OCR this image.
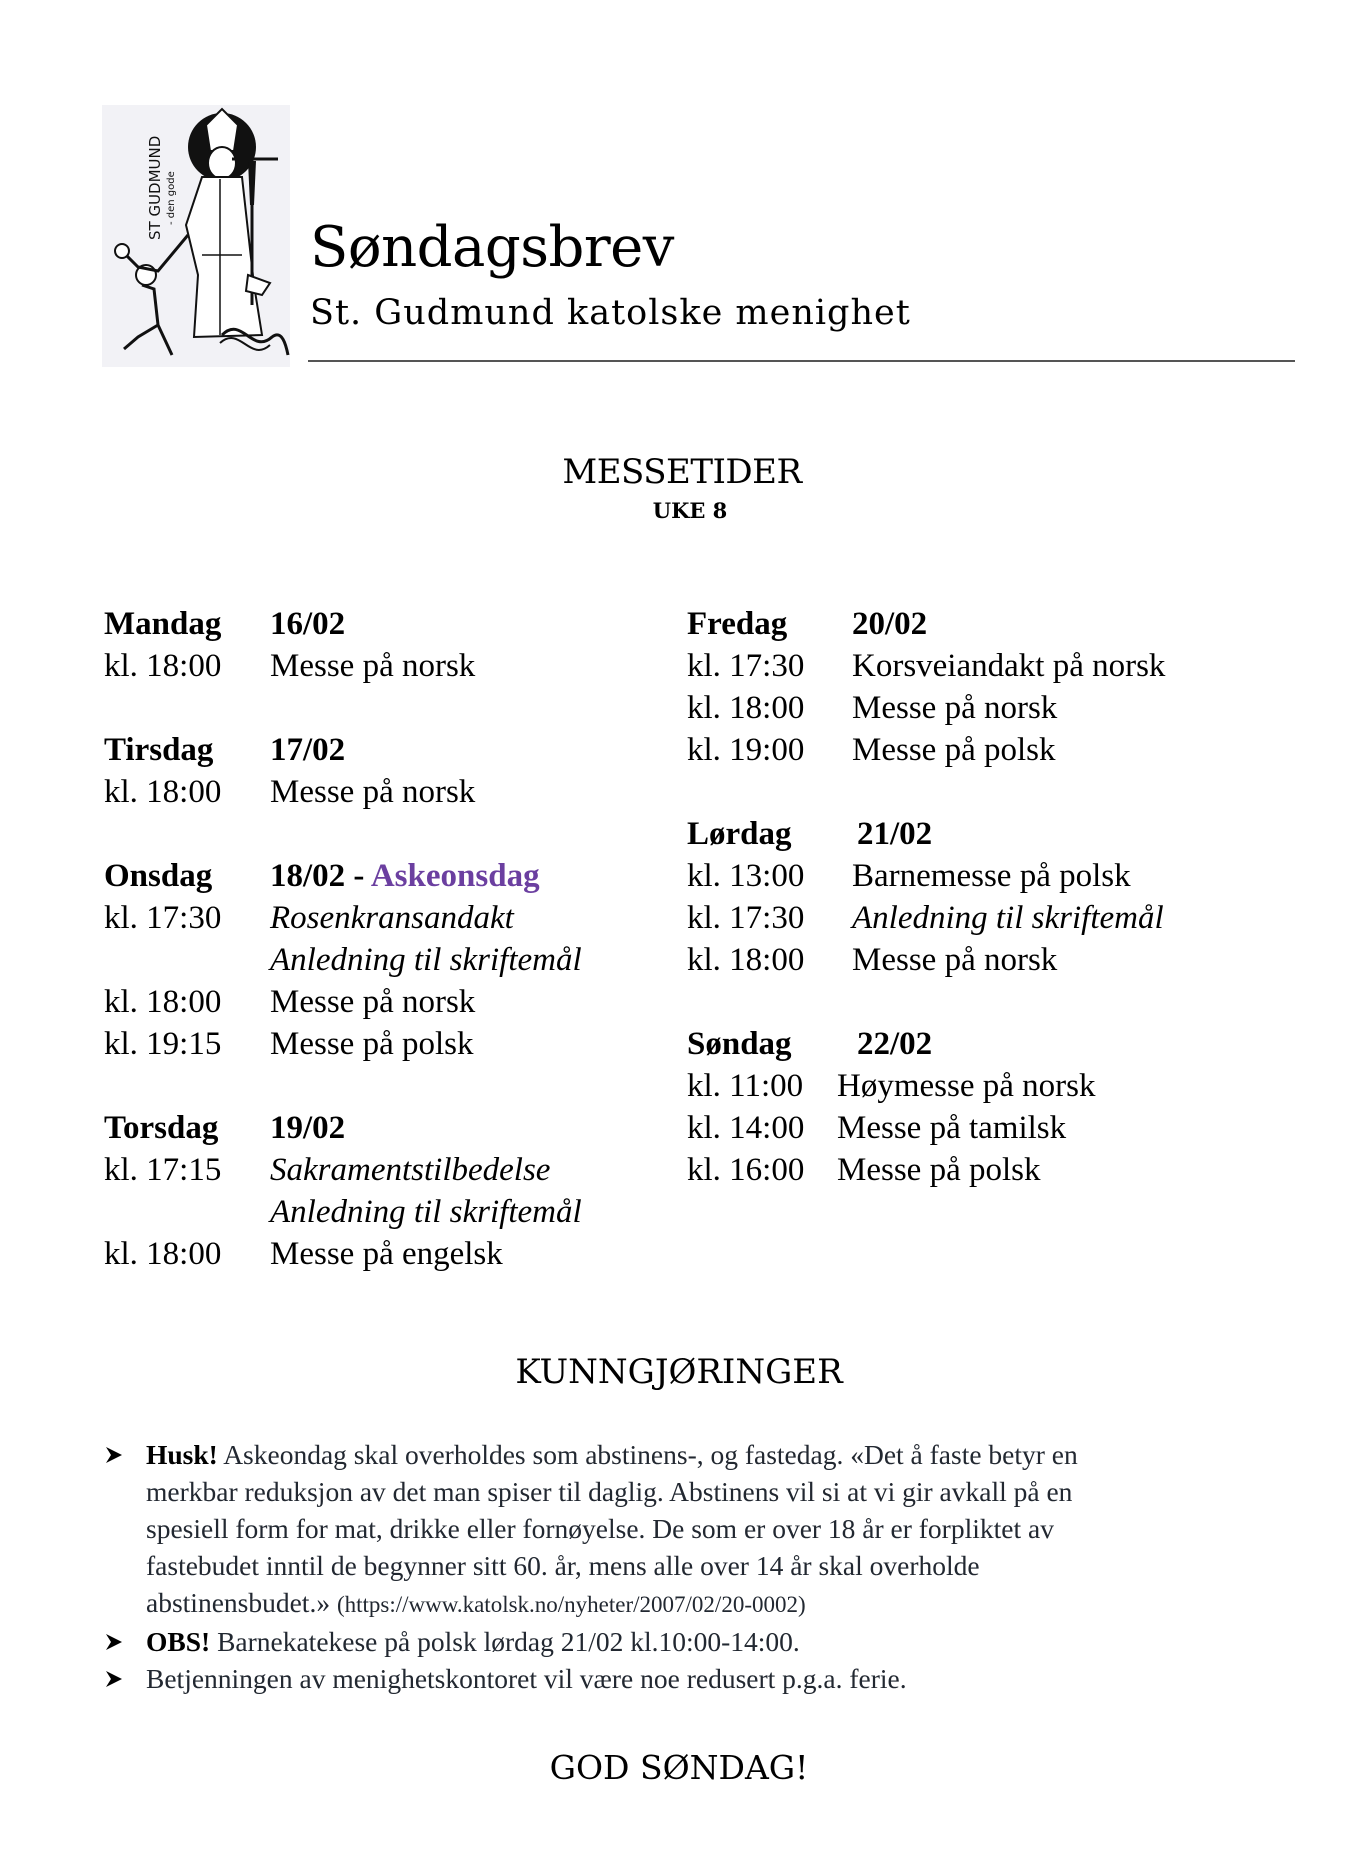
ST GUDMUND - den gode
Søndagsbrev
St. Gudmund katolske menighet
MESSETIDER
UKE 8
Mandag	16/02
kl. 18:00	Messe på norsk
Tirsdag	17/02
kl. 18:00	Messe på norsk
Onsdag	18/02 - Askeonsdag
kl. 17:30	Rosenkransandakt
Anledning til skriftemål
kl. 18:00	Messe på norsk
kl. 19:15	Messe på polsk
Torsdag	19/02
kl. 17:15	Sakramentstilbedelse
Anledning til skriftemål
kl. 18:00	Messe på engelsk
Fredag	20/02
kl. 17:30	Korsveiandakt på norsk
kl. 18:00	Messe på norsk
kl. 19:00	Messe på polsk
Lørdag	21/02
kl. 13:00	Barnemesse på polsk
kl. 17:30	Anledning til skriftemål
kl. 18:00	Messe på norsk
Søndag	22/02
kl. 11:00	Høymesse på norsk
kl. 14:00 Messe på tamilsk
kl. 16:00 Messe på polsk
KUNNGJØRINGER
Husk! Askeondag skal overholdes som abstinens-, og fastedag. «Det å faste betyr en
merkbar reduksjon av det man spiser til daglig. Abstinens vil si at vi gir avkall på en
spesiell form for mat, drikke eller fornøyelse. De som er over 18 år er forpliktet av
fastebudet inntil de begynner sitt 60. år, mens alle over 14 år skal overholde
abstinensbudet.» (https://www.katolsk.no/nyheter/2007/02/20-0002)
OBS! Barnekatekese på polsk lørdag 21/02 kl.10:00-14:00.
Betjenningen av menighetskontoret vil være noe redusert p.g.a. ferie.
GOD SØNDAG!
